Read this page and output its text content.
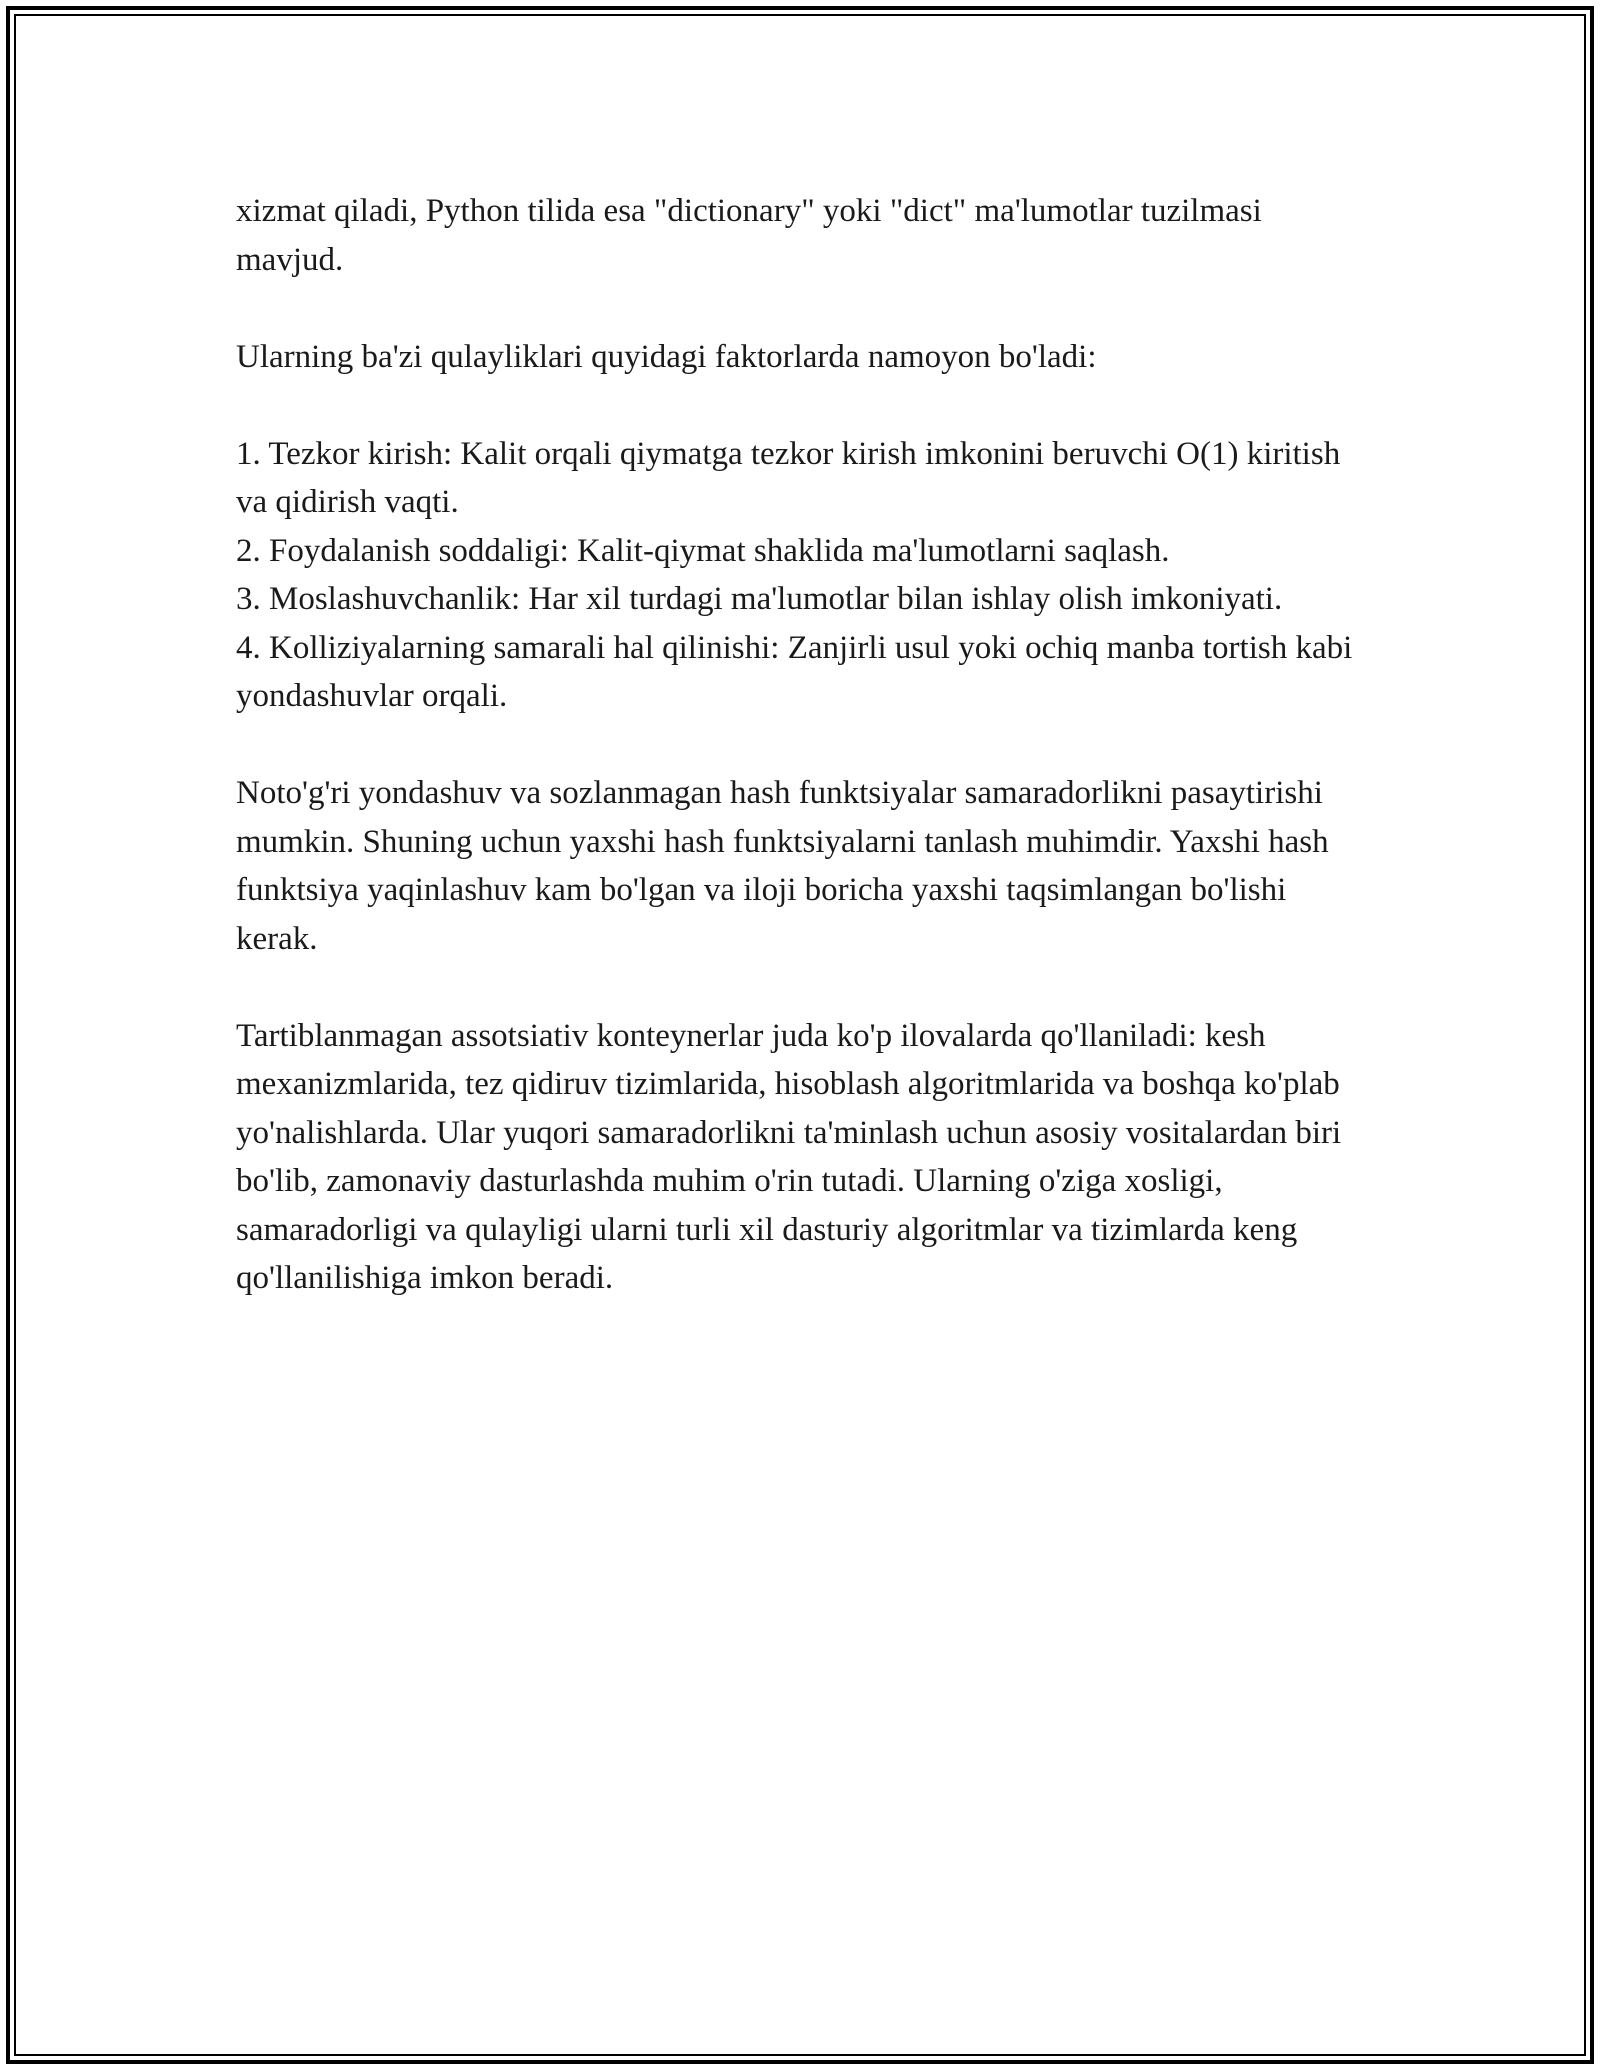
xizmat qiladi, Python tilida esa "dictionary" yoki "dict" ma'lumotlar tuzilmasi mavjud.

Ularning ba'zi qulayliklari quyidagi faktorlarda namoyon bo'ladi:

1. Tezkor kirish: Kalit orqali qiymatga tezkor kirish imkonini beruvchi O(1) kiritish va qidirish vaqti.

2. Foydalanish soddaligi: Kalit-qiymat shaklida ma'lumotlarni saqlash.

3. Moslashuvchanlik: Har xil turdagi ma'lumotlar bilan ishlay olish imkoniyati.

4. Kolliziyalarning samarali hal qilinishi: Zanjirli usul yoki ochiq manba tortish kabi yondashuvlar orqali.

Noto'g'ri yondashuv va sozlanmagan hash funktsiyalar samaradorlikni pasaytirishi mumkin. Shuning uchun yaxshi hash funktsiyalarni tanlash muhimdir. Yaxshi hash funktsiya yaqinlashuv kam bo'lgan va iloji boricha yaxshi taqsimlangan bo'lishi kerak.

Tartiblanmagan assotsiativ konteynerlar juda ko'p ilovalarda qo'llaniladi: kesh mexanizmlarida, tez qidiruv tizimlarida, hisoblash algoritmlarida va boshqa ko'plab yo'nalishlarda. Ular yuqori samaradorlikni ta'minlash uchun asosiy vositalardan biri bo'lib, zamonaviy dasturlashda muhim o'rin tutadi. Ularning o'ziga xosligi, samaradorligi va qulayligi ularni turli xil dasturiy algoritmlar va tizimlarda keng qo'llanilishiga imkon beradi.
